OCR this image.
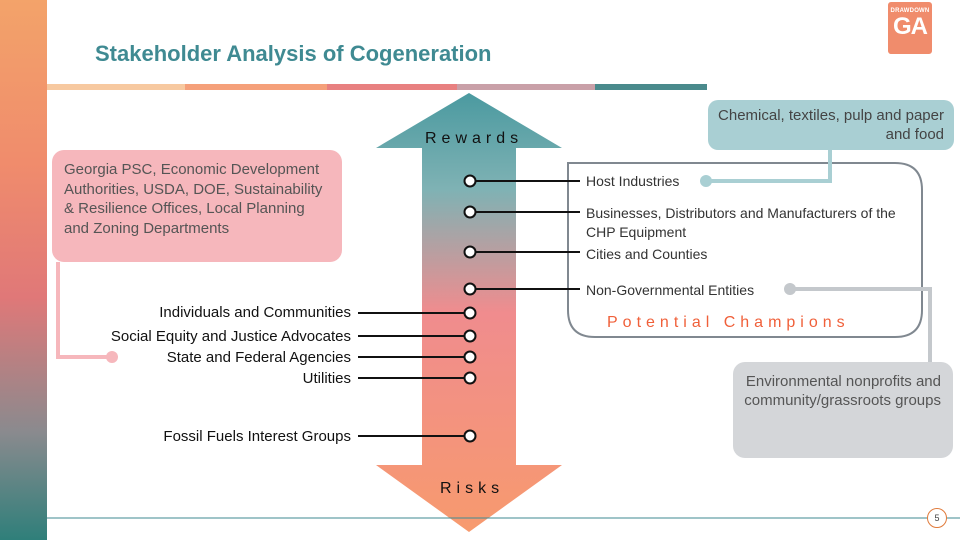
Stakeholder Analysis of Cogeneration
DRAWDOWN
GA
Rewards
Risks
Georgia PSC, Economic Development Authorities, USDA, DOE, Sustainability & Resilience Offices, Local Planning and Zoning Departments
Chemical, textiles, pulp and paper and food
Environmental nonprofits and community/grassroots groups
Host Industries
Businesses, Distributors and Manufacturers of the CHP Equipment
Cities and Counties
Non-Governmental Entities
Potential Champions
Individuals and Communities
Social Equity and Justice Advocates
State and Federal Agencies
Utilities
Fossil Fuels Interest Groups
5
